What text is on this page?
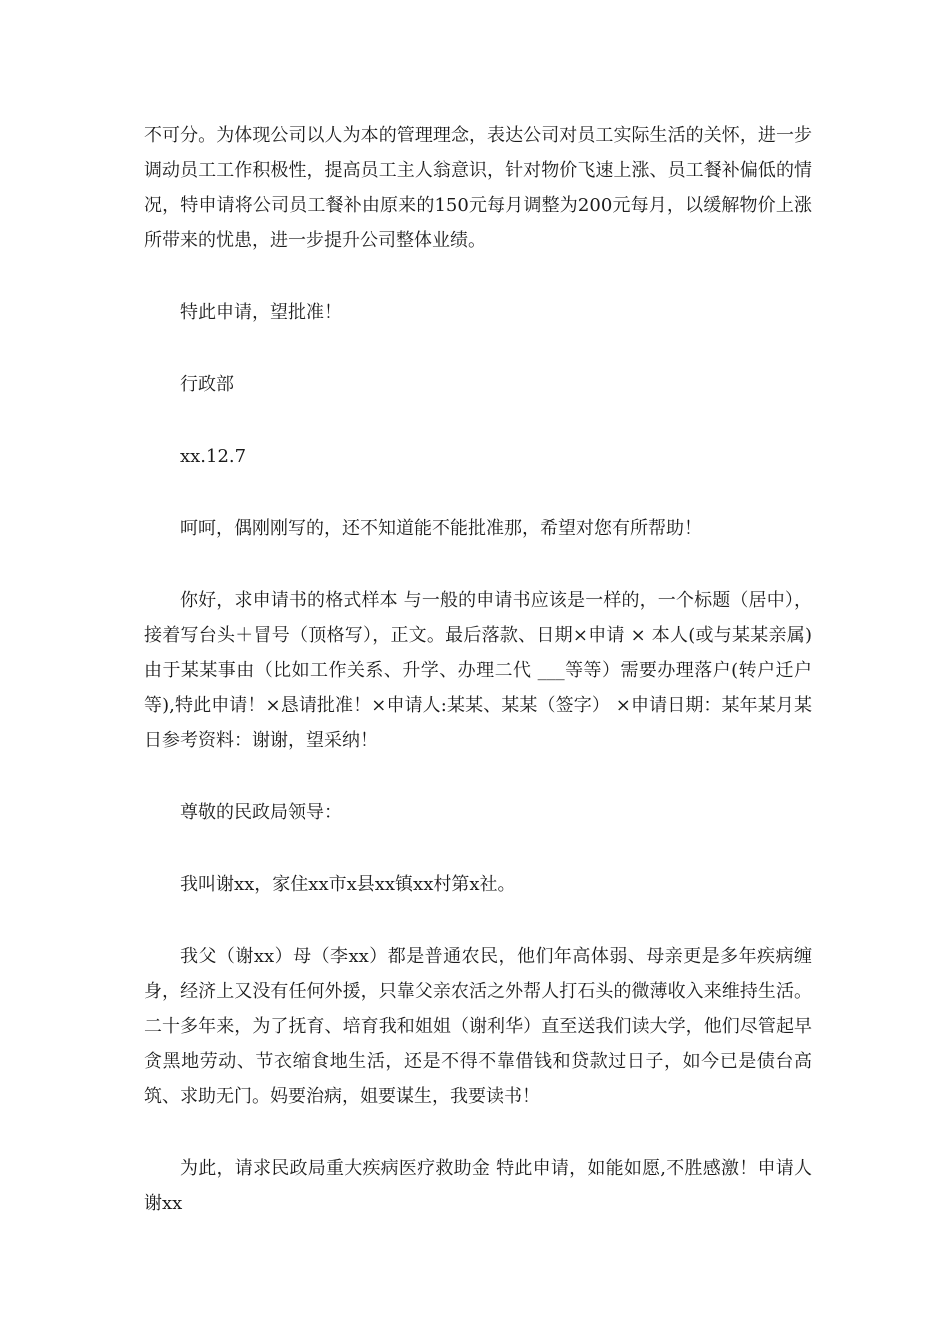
不可分。为体现公司以人为本的管理理念，表达公司对员工实际生活的关怀，进一步调动员工工作积极性，提高员工主人翁意识，针对物价飞速上涨、员工餐补偏低的情况，特申请将公司员工餐补由原来的150元每月调整为200元每月，以缓解物价上涨所带来的忧患，进一步提升公司整体业绩。

特此申请，望批准！

行政部

xx.12.7

呵呵，偶刚刚写的，还不知道能不能批准那，希望对您有所帮助！

你好，求申请书的格式样本 与一般的申请书应该是一样的，一个标题（居中），接着写台头＋冒号（顶格写），正文。最后落款、日期×申请 × 本人(或与某某亲属)由于某某事由（比如工作关系、升学、办理二代 ___等等）需要办理落户(转户迁户等),特此申请！×恳请批准！×申请人:某某、某某（签字） ×申请日期：某年某月某日参考资料：谢谢，望采纳！

尊敬的民政局领导：

我叫谢xx，家住xx市x县xx镇xx村第x社。

我父（谢xx）母（李xx）都是普通农民，他们年高体弱、母亲更是多年疾病缠身，经济上又没有任何外援，只靠父亲农活之外帮人打石头的微薄收入来维持生活。二十多年来，为了抚育、培育我和姐姐（谢利华）直至送我们读大学，他们尽管起早贪黑地劳动、节衣缩食地生活，还是不得不靠借钱和贷款过日子，如今已是债台高筑、求助无门。妈要治病，姐要谋生，我要读书！

为此，请求民政局重大疾病医疗救助金 特此申请，如能如愿,不胜感激！申请人 谢xx
